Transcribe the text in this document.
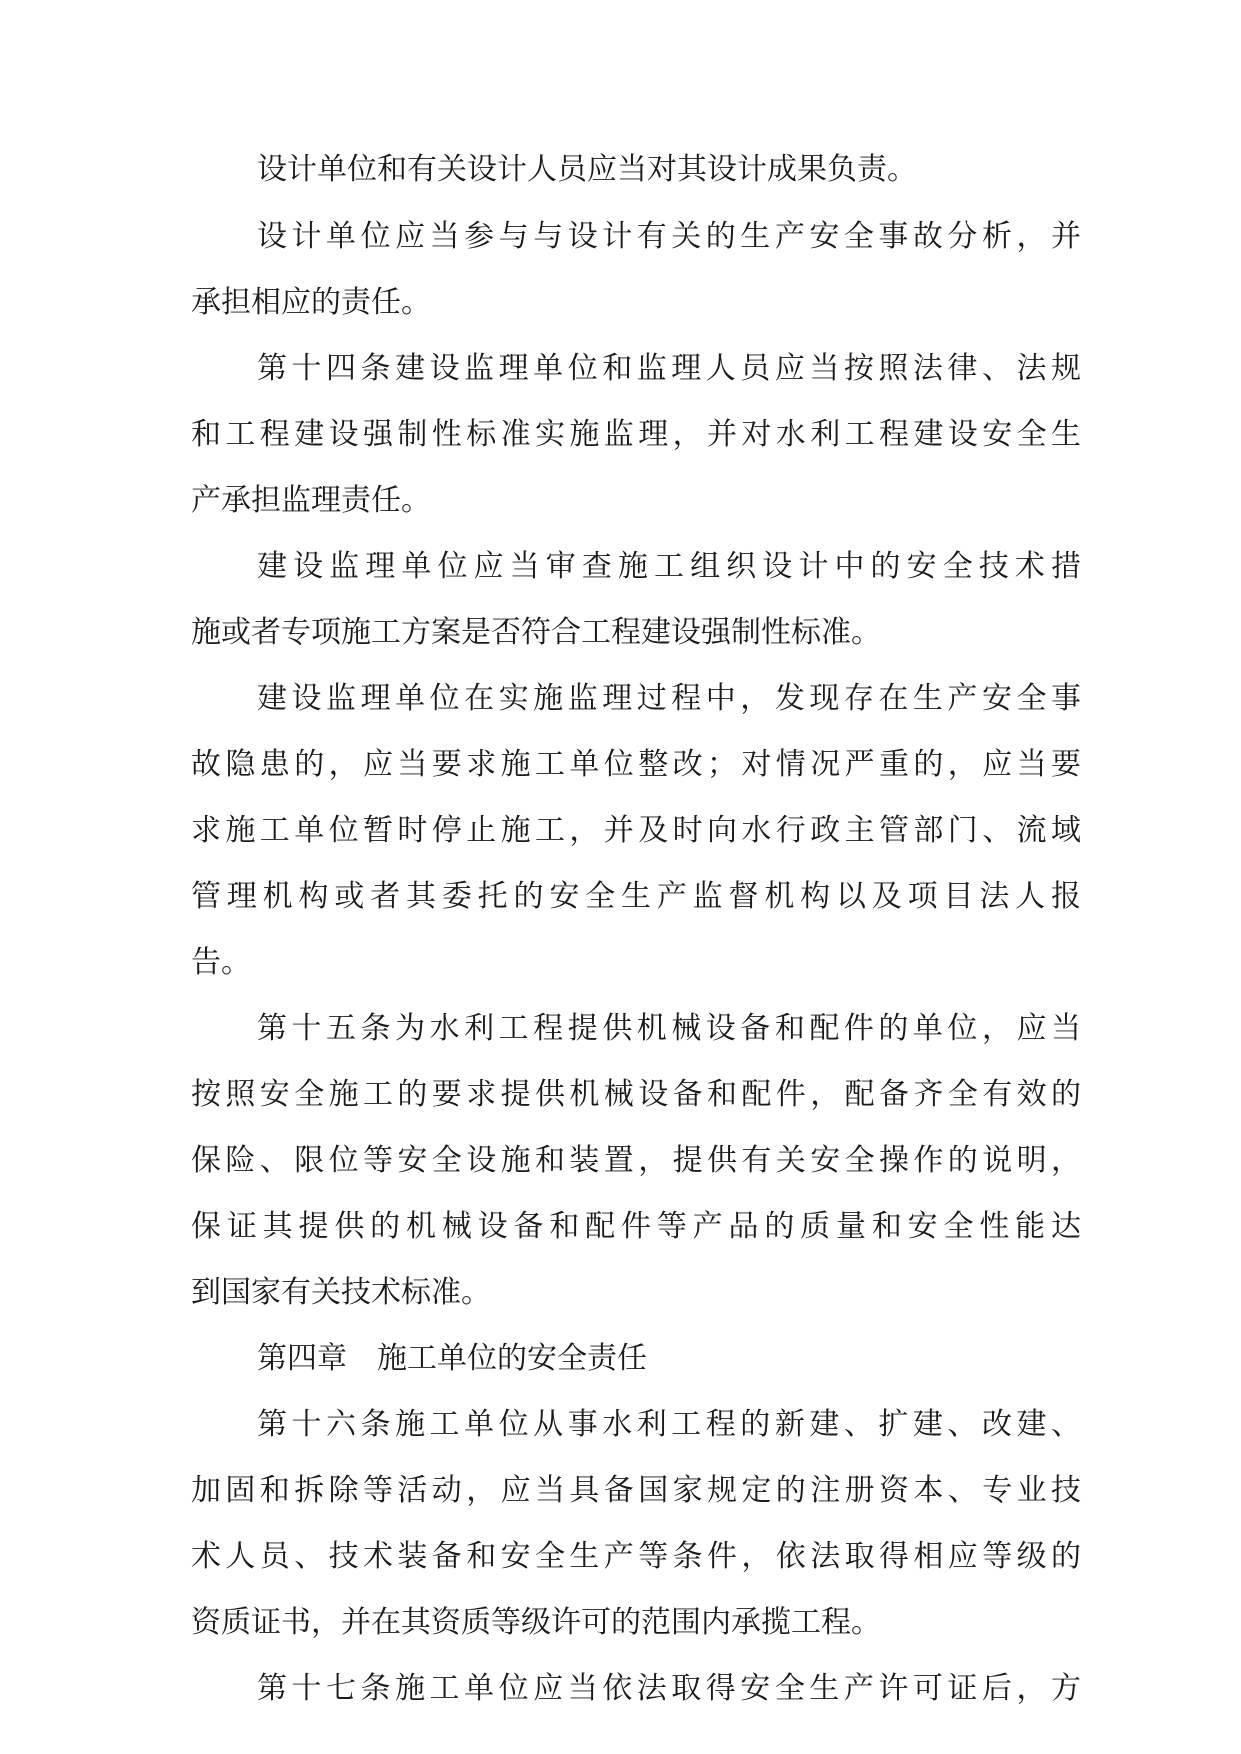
设计单位和有关设计人员应当对其设计成果负责。
设计单位应当参与与设计有关的生产安全事故分析，并
承担相应的责任。
第十四条建设监理单位和监理人员应当按照法律、法规
和工程建设强制性标准实施监理，并对水利工程建设安全生
产承担监理责任。
建设监理单位应当审查施工组织设计中的安全技术措
施或者专项施工方案是否符合工程建设强制性标准。
建设监理单位在实施监理过程中，发现存在生产安全事
故隐患的，应当要求施工单位整改；对情况严重的，应当要
求施工单位暂时停止施工，并及时向水行政主管部门、流域
管理机构或者其委托的安全生产监督机构以及项目法人报
告。
第十五条为水利工程提供机械设备和配件的单位，应当
按照安全施工的要求提供机械设备和配件，配备齐全有效的
保险、限位等安全设施和装置，提供有关安全操作的说明，
保证其提供的机械设备和配件等产品的质量和安全性能达
到国家有关技术标准。
第四章　施工单位的安全责任
第十六条施工单位从事水利工程的新建、扩建、改建、
加固和拆除等活动，应当具备国家规定的注册资本、专业技
术人员、技术装备和安全生产等条件，依法取得相应等级的
资质证书，并在其资质等级许可的范围内承揽工程。
第十七条施工单位应当依法取得安全生产许可证后，方
